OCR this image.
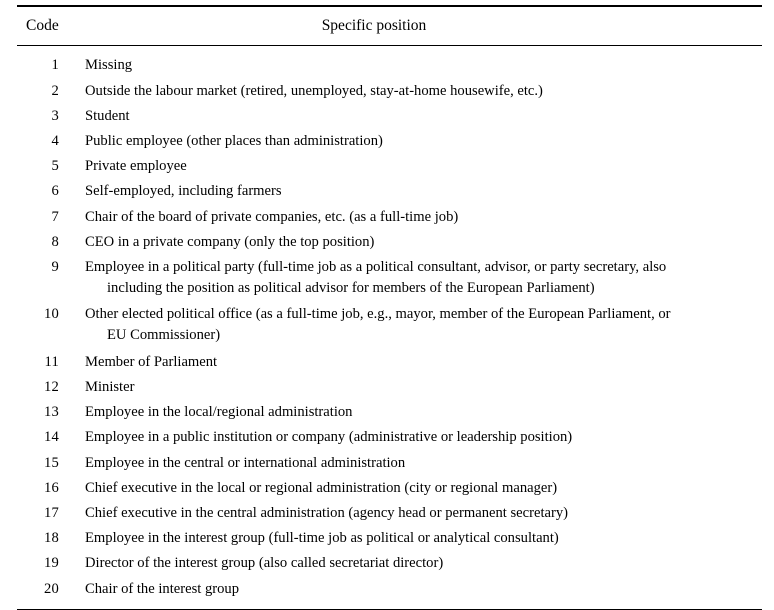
Code	Specific position
1	Missing
2	Outside the labour market (retired, unemployed, stay-at-home housewife, etc.)
3	Student
4	Public employee (other places than administration)
5	Private employee
6	Self-employed, including farmers
7	Chair of the board of private companies, etc. (as a full-time job)
8	CEO in a private company (only the top position)
9	Employee in a political party (full-time job as a political consultant, advisor, or party secretary, also
including the position as political advisor for members of the European Parliament)
10	Other elected political office (as a full-time job, e.g., mayor, member of the European Parliament, or
EU Commissioner)
11	Member of Parliament
12	Minister
13	Employee in the local/regional administration
14	Employee in a public institution or company (administrative or leadership position)
15	Employee in the central or international administration
16	Chief executive in the local or regional administration (city or regional manager)
17	Chief executive in the central administration (agency head or permanent secretary)
18	Employee in the interest group (full-time job as political or analytical consultant)
19	Director of the interest group (also called secretariat director)
20	Chair of the interest group
